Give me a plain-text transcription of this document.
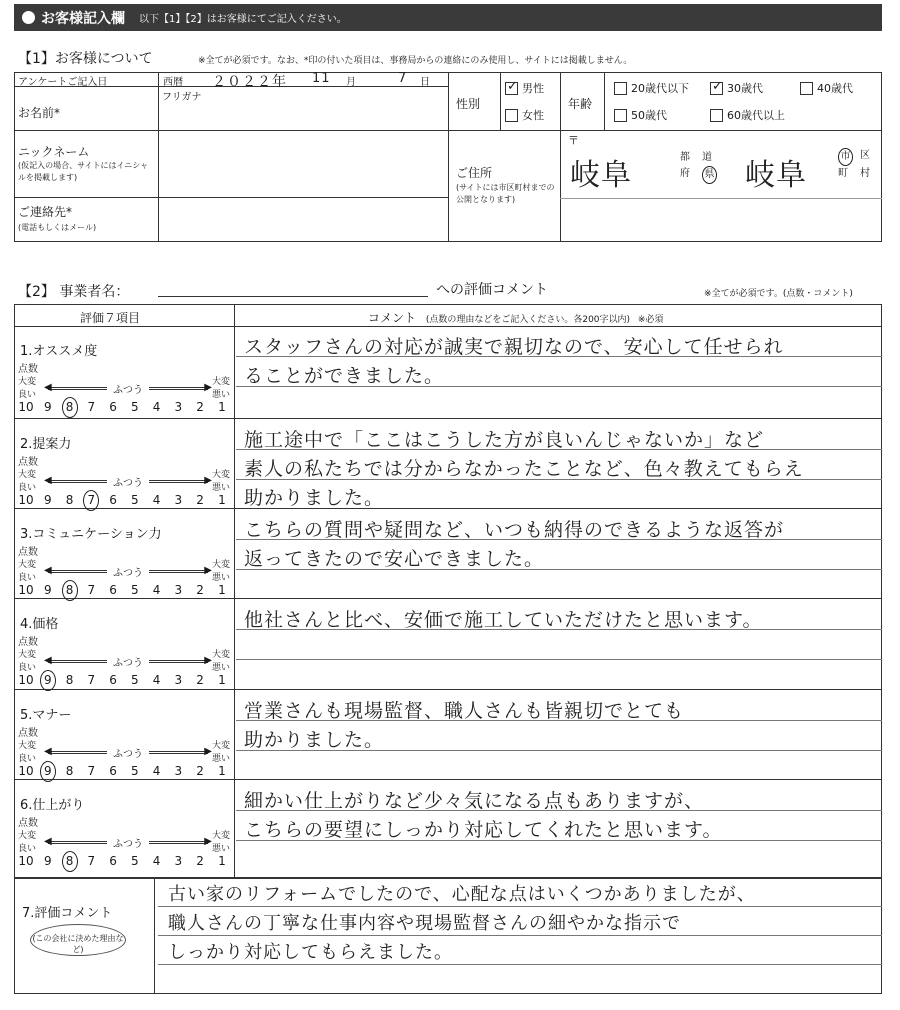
お客様記入欄 以下【1】【2】はお客様にてご記入ください。
【1】お客様について	※全てが必須です。なお、*印の付いた項目は、事務局からの連絡にのみ使用し、サイトには掲載しません。
アンケートご記入日	西暦 ２０２２年 11 月	7 日
お名前*
フリガナ	性別
✓
男性
女性
年齢
20歳代以下
✓	30歳代	40歳代
50歳代	60歳代以上
ニックネーム
(仮記入の場合、サイトにはイニシャルを掲載します)
ご連絡先*
(電話もしくはメール)
ご住所
(サイトには市区町村までの公開となります)
〒
岐阜
都	道
府	県 岐阜
市 区
町	村
【2】 事業者名：	への評価コメント	※全てが必須です。(点数・コメント)
評価７項目	コメント (点数の理由などをご記入ください。各200字以内) ※必須
1.オススメ度
点数
大変
良い
◀	ふつう	▶ 大変
悪い
10 9	8	7	6	5	4	3	2	1
スタッフさんの対応が誠実で親切なので、安心して任せられ
ることができました。
2.提案力
点数
大変
良い
◀	ふつう	▶ 大変
悪い
10 9	8	7	6	5	4	3	2	1
施工途中で「ここはこうした方が良いんじゃないか」など
素人の私たちでは分からなかったことなど、色々教えてもらえ
助かりました。
3.コミュニケーション力
点数
大変
良い
◀	ふつう	▶ 大変
悪い
10 9	8	7	6	5	4	3	2	1
こちらの質問や疑問など、いつも納得のできるような返答が
返ってきたので安心できました。
4.価格
点数
大変
良い
◀	ふつう	▶ 大変
悪い
10 9	8	7	6	5	4	3	2	1
他社さんと比べ、安価で施工していただけたと思います。
5.マナー
点数
大変
良い
◀	ふつう	▶ 大変
悪い
10 9	8	7	6	5	4	3	2	1
営業さんも現場監督、職人さんも皆親切でとても
助かりました。
6.仕上がり
点数
大変
良い
◀	ふつう	▶ 大変
悪い
10 9	8	7	6	5	4	3	2	1
細かい仕上がりなど少々気になる点もありますが、
こちらの要望にしっかり対応してくれたと思います。
7.評価コメント
(この会社に決めた理由など)
古い家のリフォームでしたので、心配な点はいくつかありましたが、
職人さんの丁寧な仕事内容や現場監督さんの細やかな指示で
しっかり対応してもらえました。
